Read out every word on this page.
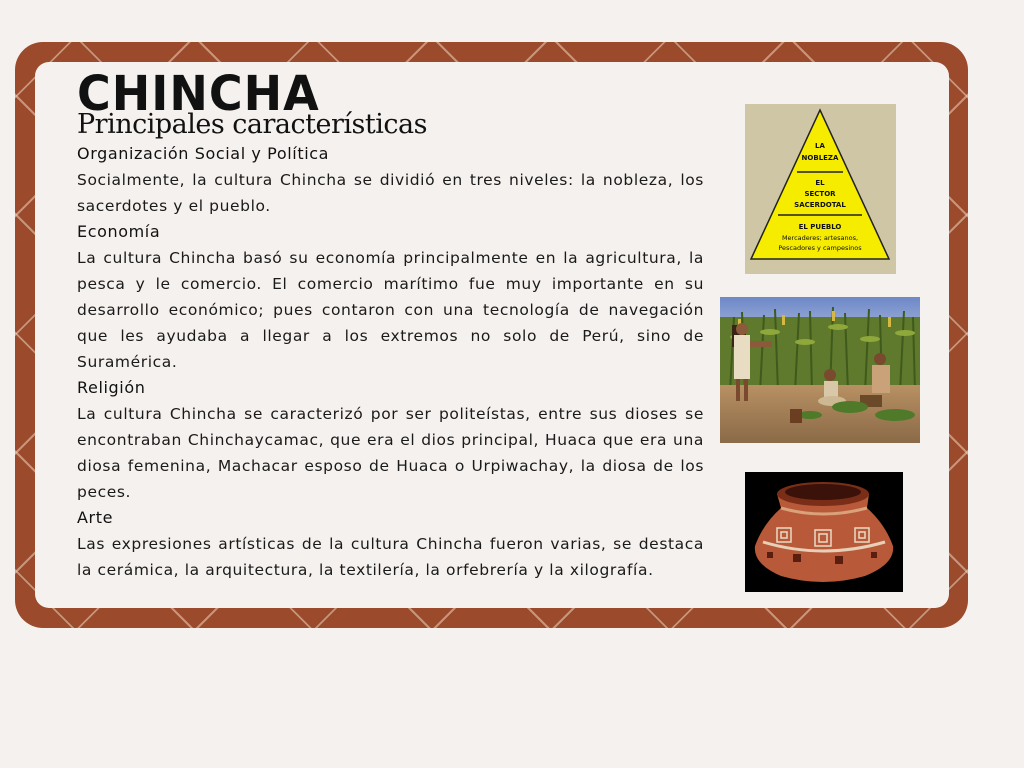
CHINCHA
Principales características
Organización Social y Política

Socialmente, la cultura Chincha se dividió en tres niveles: la nobleza, los sacerdotes y el pueblo.

Economía

La cultura Chincha basó su economía principalmente en la agricultura, la pesca y le comercio. El comercio marítimo fue muy importante en su desarrollo económico; pues contaron con una tecnología de navegación que les ayudaba a llegar a los extremos no solo de Perú, sino de Suramérica.

Religión

La cultura Chincha se caracterizó por ser politeístas, entre sus dioses se encontraban Chinchaycamac, que era el dios principal, Huaca que era una diosa femenina, Machacar esposo de Huaca o Urpiwachay, la diosa de los peces.

Arte

Las expresiones artísticas de la cultura Chincha fueron varias, se destaca la cerámica, la arquitectura, la textilería, la orfebrería y la xilografía.

LA
NOBLEZA
EL
SECTOR
SACERDOTAL
EL PUEBLO
Mercaderes; artesanos,
Pescadores y campesinos
